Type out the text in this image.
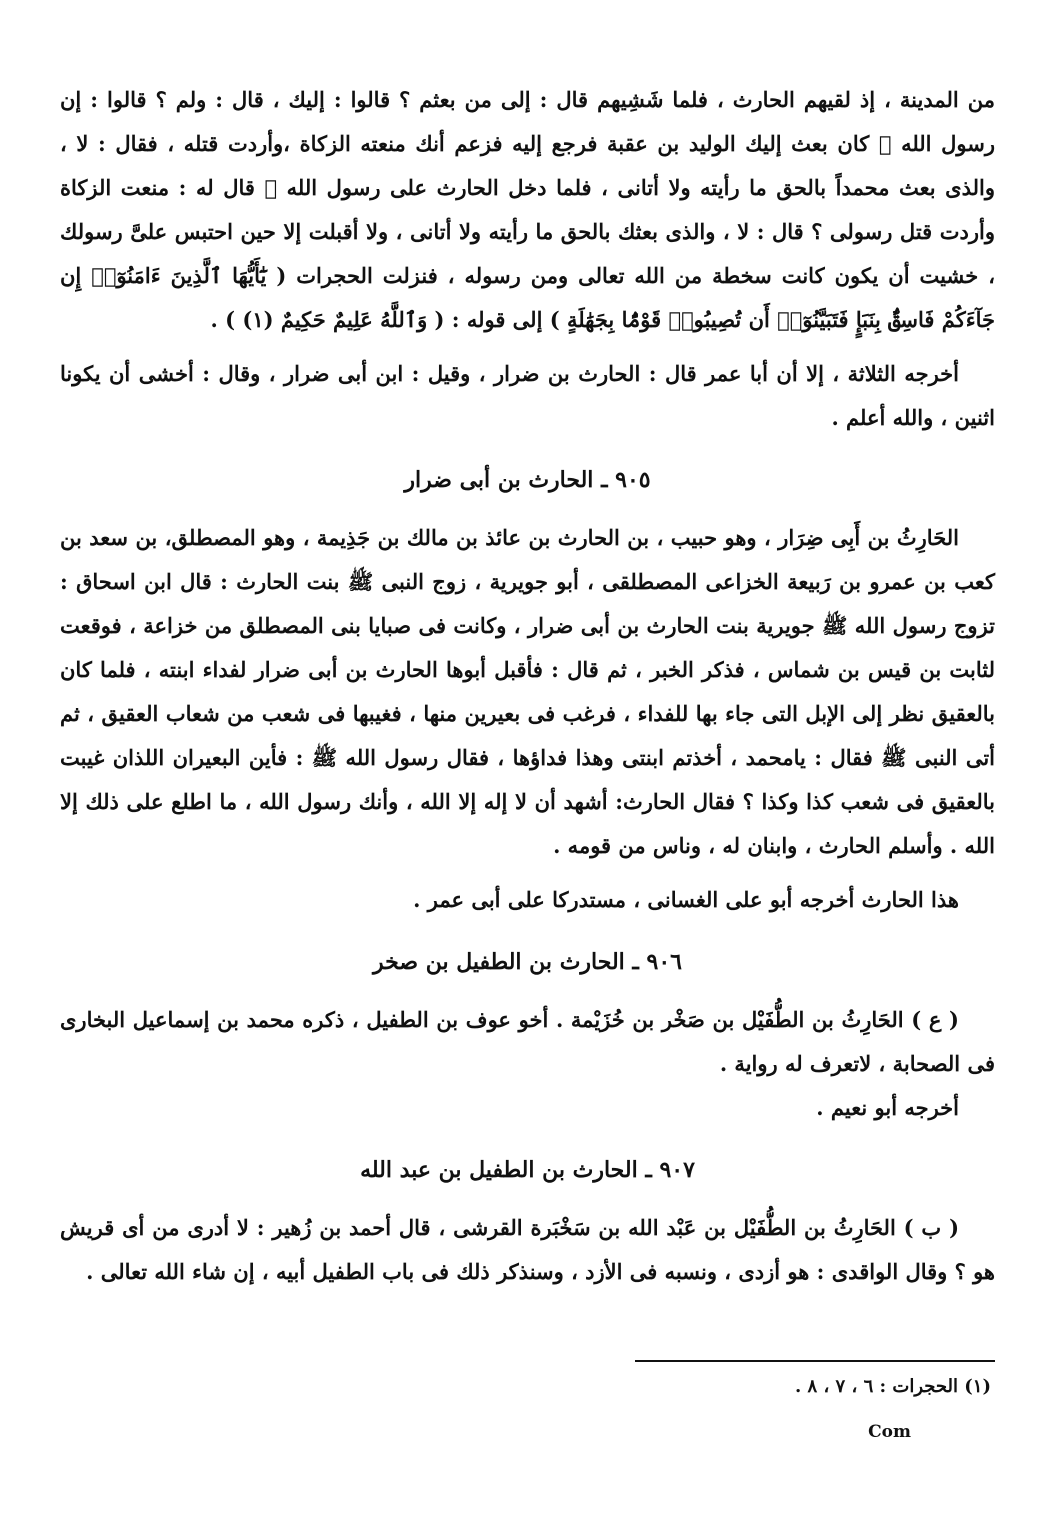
من المدينة ، إذ لقيهم الحارث ، فلما شَشِيهم قال : إلى من بعثم ؟ قالوا : إليك ، قال : ولم ؟ قالوا : إن رسول الله ﷺ كان بعث إليك الوليد بن عقبة فرجع إليه فزعم أنك منعته الزكاة ،وأردت قتله ، فقال : لا ، والذى بعث محمداً بالحق ما رأيته ولا أتانى ، فلما دخل الحارث على رسول الله ﷺ قال له : منعت الزكاة وأردت قتل رسولى ؟ قال : لا ، والذى بعثك بالحق ما رأيته ولا أتانى ، ولا أقبلت إلا حين احتبس علىَّ رسولك ، خشيت أن يكون كانت سخطة من الله تعالى ومن رسوله ، فنزلت الحجرات ( يَٰٓأَيُّهَا ٱلَّذِينَ ءَامَنُوٓا۟ إِن جَآءَكُمْ فَاسِقٌۢ بِنَبَإٍ فَتَبَيَّنُوٓا۟ أَن تُصِيبُوا۟ قَوْمًۢا بِجَهَٰلَةٍ ) إلى قوله : ( وَٱللَّهُ عَلِيمٌ حَكِيمٌ (١) ) .

أخرجه الثلاثة ، إلا أن أبا عمر قال : الحارث بن ضرار ، وقيل : ابن أبى ضرار ، وقال : أخشى أن يكونا اثنين ، والله أعلم .

٩٠٥ ـ الحارث بن أبى ضرار

الحَارِثُ بن أَبِى ضِرَار ، وهو حبيب ، بن الحارث بن عائذ بن مالك بن جَذِيمة ، وهو المصطلق، بن سعد بن كعب بن عمرو بن رَبيعة الخزاعى المصطلقى ، أبو جويرية ، زوج النبى ﷺ بنت الحارث : قال ابن اسحاق : تزوج رسول الله ﷺ جويرية بنت الحارث بن أبى ضرار ، وكانت فى صبايا بنى المصطلق من خزاعة ، فوقعت لثابت بن قيس بن شماس ، فذكر الخبر ، ثم قال : فأقبل أبوها الحارث بن أبى ضرار لفداء ابنته ، فلما كان بالعقيق نظر إلى الإبل التى جاء بها للفداء ، فرغب فى بعيرين منها ، فغيبها فى شعب من شعاب العقيق ، ثم أتى النبى ﷺ فقال : يامحمد ، أخذتم ابنتى وهذا فداؤها ، فقال رسول الله ﷺ : فأين البعيران اللذان غيبت بالعقيق فى شعب كذا وكذا ؟ فقال الحارث: أشهد أن لا إله إلا الله ، وأنك رسول الله ، ما اطلع على ذلك إلا الله . وأسلم الحارث ، وابنان له ، وناس من قومه .

هذا الحارث أخرجه أبو على الغسانى ، مستدركا على أبى عمر .

٩٠٦ ـ الحارث بن الطفيل بن صخر

( ع ) الحَارِثُ بن الطُّفَيْل بن صَخْر بن خُزَيْمة . أخو عوف بن الطفيل ، ذكره محمد بن إسماعيل البخارى فى الصحابة ، لاتعرف له رواية .

أخرجه أبو نعيم .

٩٠٧ ـ الحارث بن الطفيل بن عبد الله

( ب ) الحَارِثُ بن الطُّفَيْل بن عَبْد الله بن سَخْبَرة القرشى ، قال أحمد بن زُهير : لا أدرى من أى قريش هو ؟ وقال الواقدى : هو أزدى ، ونسبه فى الأزد ، وسنذكر ذلك فى باب الطفيل أبيه ، إن شاء الله تعالى .

(١) الحجرات : ٦ ، ٧ ، ٨ .
Com
